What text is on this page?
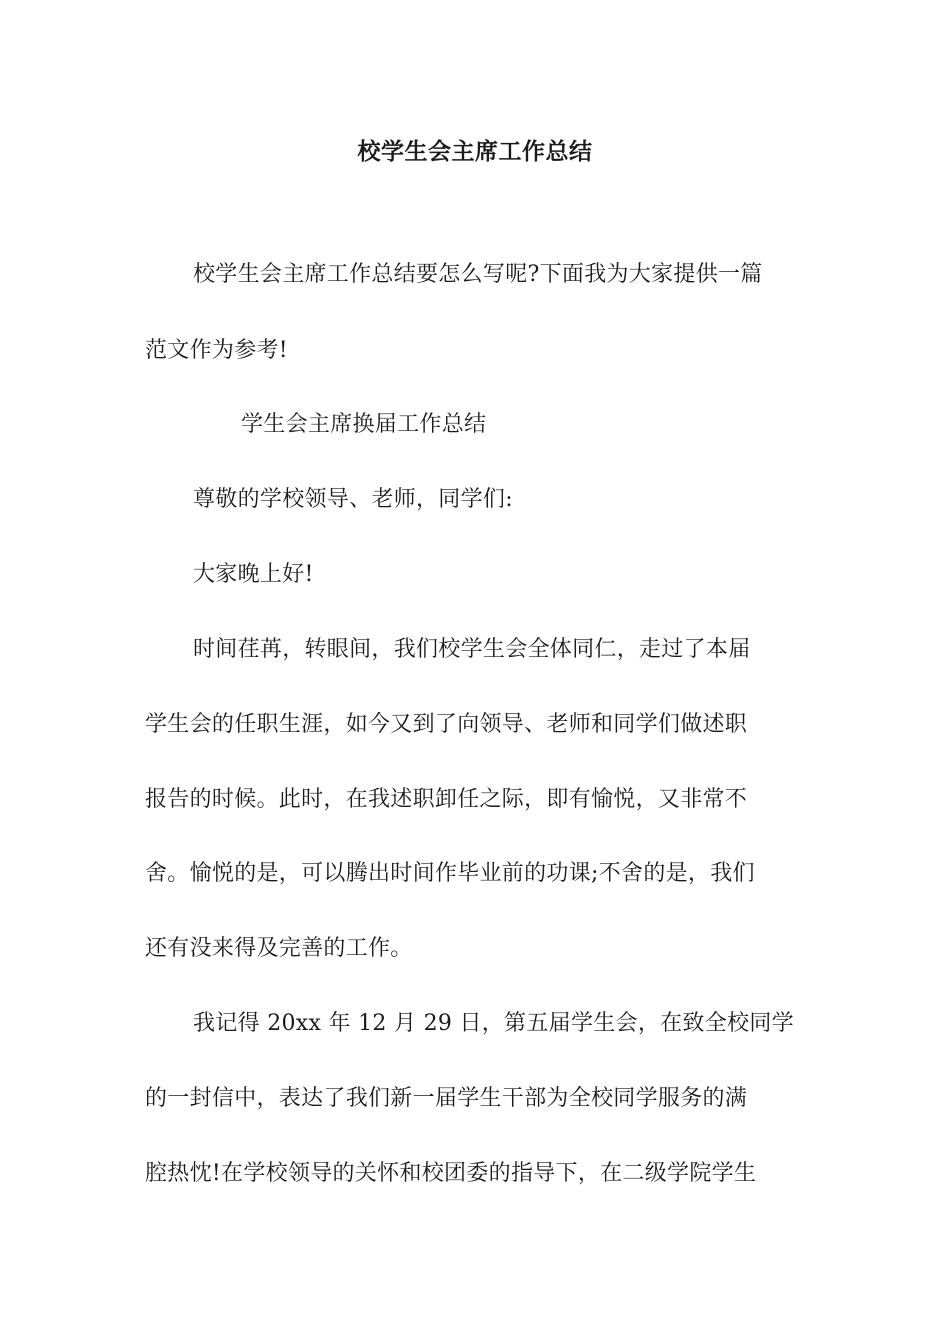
校学生会主席工作总结
校学生会主席工作总结要怎么写呢?下面我为大家提供一篇
范文作为参考!
学生会主席换届工作总结
尊敬的学校领导、老师，同学们:
大家晚上好!
时间荏苒，转眼间，我们校学生会全体同仁，走过了本届
学生会的任职生涯，如今又到了向领导、老师和同学们做述职
报告的时候。此时，在我述职卸任之际，即有愉悦，又非常不
舍。愉悦的是，可以腾出时间作毕业前的功课;不舍的是，我们
还有没来得及完善的工作。
我记得 20xx 年 12 月 29 日，第五届学生会，在致全校同学
的一封信中，表达了我们新一届学生干部为全校同学服务的满
腔热忱!在学校领导的关怀和校团委的指导下，在二级学院学生
